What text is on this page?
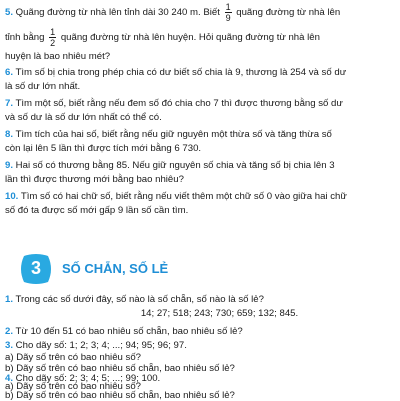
5. Quãng đường từ nhà lên tỉnh dài 30 240 m. Biết $\frac{1}{9}$ quãng đường từ nhà lên

tỉnh bằng $\frac{1}{2}$ quãng đường từ nhà lên huyện. Hỏi quãng đường từ nhà lên

huyện là bao nhiêu mét?

6. Tìm số bị chia trong phép chia có dư biết số chia là 9, thương là 254 và số dư

là số dư lớn nhất.

7. Tìm một số, biết rằng nếu đem số đó chia cho 7 thì được thương bằng số dư

và số dư là số dư lớn nhất có thể có.

8. Tìm tích của hai số, biết rằng nếu giữ nguyên một thừa số và tăng thừa số

còn lại lên 5 lần thì được tích mới bằng 6 730.

9. Hai số có thương bằng 85. Nếu giữ nguyên số chia và tăng số bị chia lên 3

lần thì được thương mới bằng bao nhiêu?

10. Tìm số có hai chữ số, biết rằng nếu viết thêm một chữ số 0 vào giữa hai chữ

số đó ta được số mới gấp 9 lần số cần tìm.

3	SỐ CHẴN, SỐ LẺ

1. Trong các số dưới đây, số nào là số chẵn, số nào là số lẻ?

14; 27; 518; 243; 730; 659; 132; 845.

2. Từ 10 đến 51 có bao nhiêu số chẵn, bao nhiêu số lẻ?

3. Cho dãy số: 1; 2; 3; 4; ...; 94; 95; 96; 97.

a) Dãy số trên có bao nhiêu số?

b) Dãy số trên có bao nhiêu số chẵn, bao nhiêu số lẻ?

4. Cho dãy số: 2; 3; 4; 5; ...; 99; 100.

a) Dãy số trên có bao nhiêu số?

b) Dãy số trên có bao nhiêu số chẵn, bao nhiêu số lẻ?
